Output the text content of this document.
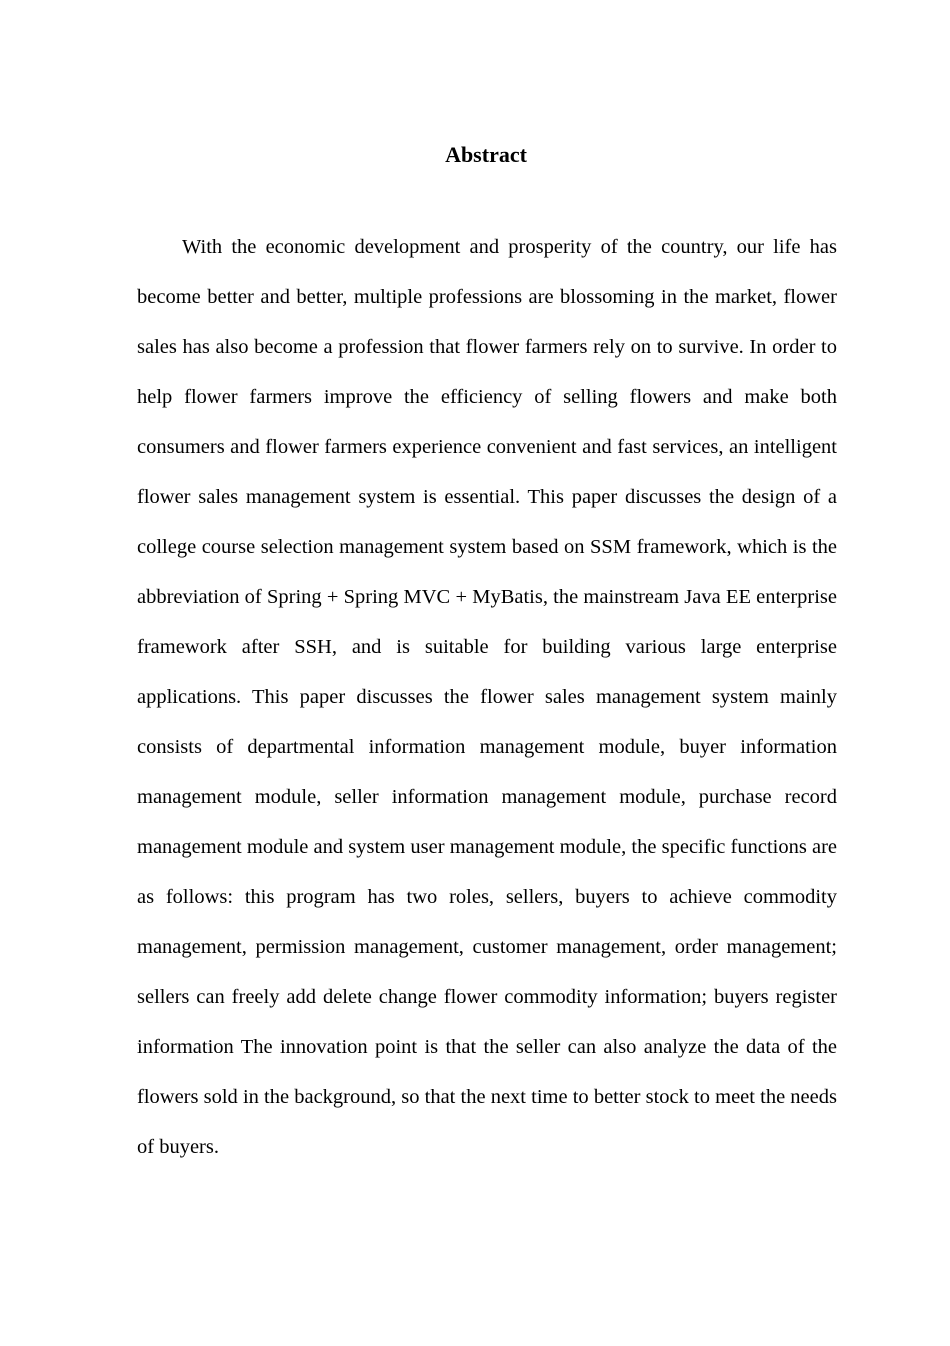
Abstract

With the economic development and prosperity of the country, our life has become better and better, multiple professions are blossoming in the market, flower sales has also become a profession that flower farmers rely on to survive. In order to help flower farmers improve the efficiency of selling flowers and make both consumers and flower farmers experience convenient and fast services, an intelligent flower sales management system is essential. This paper discusses the design of a college course selection management system based on SSM framework, which is the abbreviation of Spring + Spring MVC + MyBatis, the mainstream Java EE enterprise framework after SSH, and is suitable for building various large enterprise applications. This paper discusses the flower sales management system mainly consists of departmental information management module, buyer information management module, seller information management module, purchase record management module and system user management module, the specific functions are as follows: this program has two roles, sellers, buyers to achieve commodity management, permission management, customer management, order management; sellers can freely add delete change flower commodity information; buyers register information The innovation point is that the seller can also analyze the data of the flowers sold in the background, so that the next time to better stock to meet the needs of buyers.
